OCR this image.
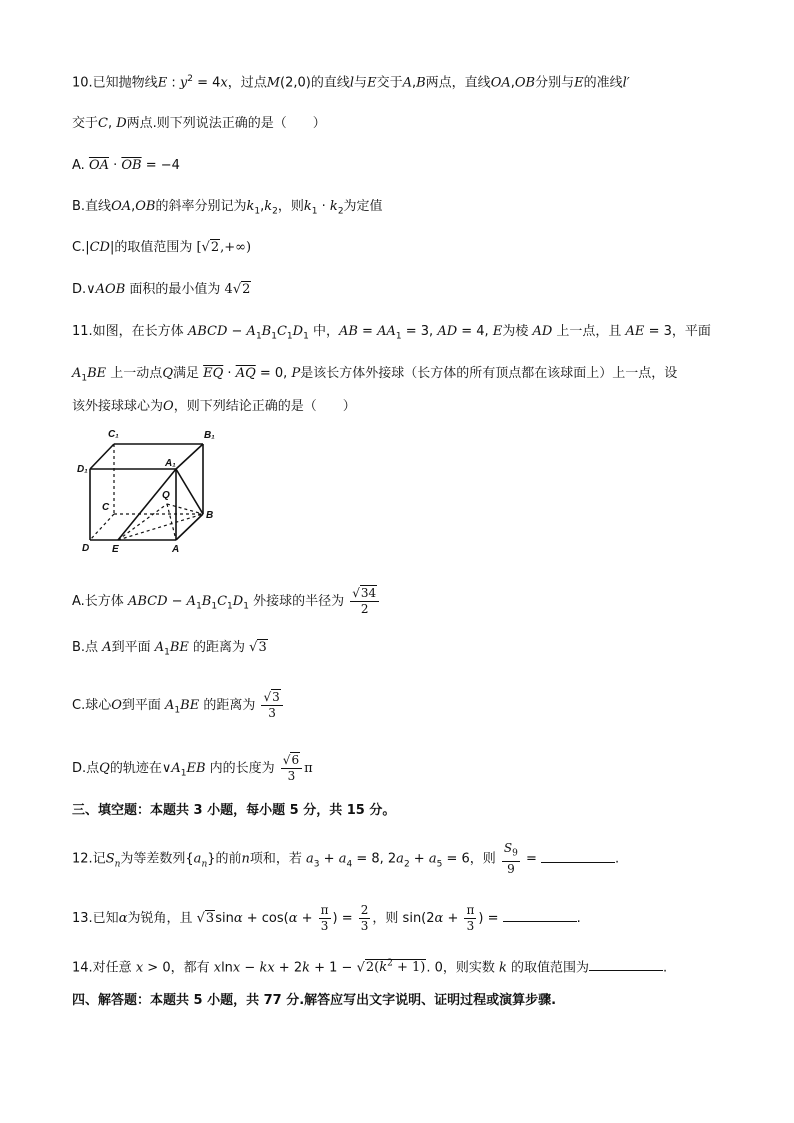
10.已知抛物线E : $y^2 = 4x$，过点M(2,0)的直线l与E交于A,B两点，直线OA,OB分别与E的准线l′
交于C, D两点.则下列说法正确的是（　　）
A. $\overline{OA} \cdot \overline{OB} = -4$
B.直线OA,OB的斜率分别记为$k_1,k_2$，则$k_1 \cdot k_2$为定值
C.|CD|的取值范围为 [√2,+∞)
D.∨AOB 面积的最小值为 4√2
11.如图，在长方体 ABCD − $A_1B_1C_1D_1$ 中，AB = $AA_1 = 3$, AD = 4, E为棱 AD 上一点，且 AE = 3，平面
$A_1BE$ 上一动点Q满足 $\overline{EQ} \cdot \overline{AQ} = 0$, P是该长方体外接球（长方体的所有顶点都在该球面上）上一点，设
该外接球球心为O，则下列结论正确的是（　　）
C₁	B₁
D₁
A₁
C
Q
B
D E	A
A.长方体 ABCD − $A_1B_1C_1D_1$ 外接球的半径为 $\frac{√34}{2}$
B.点 A到平面 $A_1BE$ 的距离为 √3
C.球心O到平面 $A_1BE$ 的距离为 $\frac{√3}{3}$
D.点Q的轨迹在$\vee A_1EB$ 内的长度为 $\frac{√6}{3}$ π
三、填空题：本题共 3 小题，每小题 5 分，共 15 分。
12.记$S_n$为等差数列$\{a_n\}$的前n项和，若 $a_3 + a_4 = 8$, $2a_2 + a_5 = 6$，则 $\frac{S_9}{9}$ =	.
13.已知α为锐角，且 $√3\sin\alpha + \cos(\alpha + \frac{\pi}{3}$ ) = $\frac{2}{3}$ ，则 $\sin(2\alpha + \frac{\pi}{3}$ ) =	.
14.对任意 x > 0，都有 xlnx − kx + $2k + 1 - √2(k^2 + 1)$. 0，则实数 k 的取值范围为	.
四、解答题：本题共 5 小题，共 77 分.解答应写出文字说明、证明过程或演算步骤.
